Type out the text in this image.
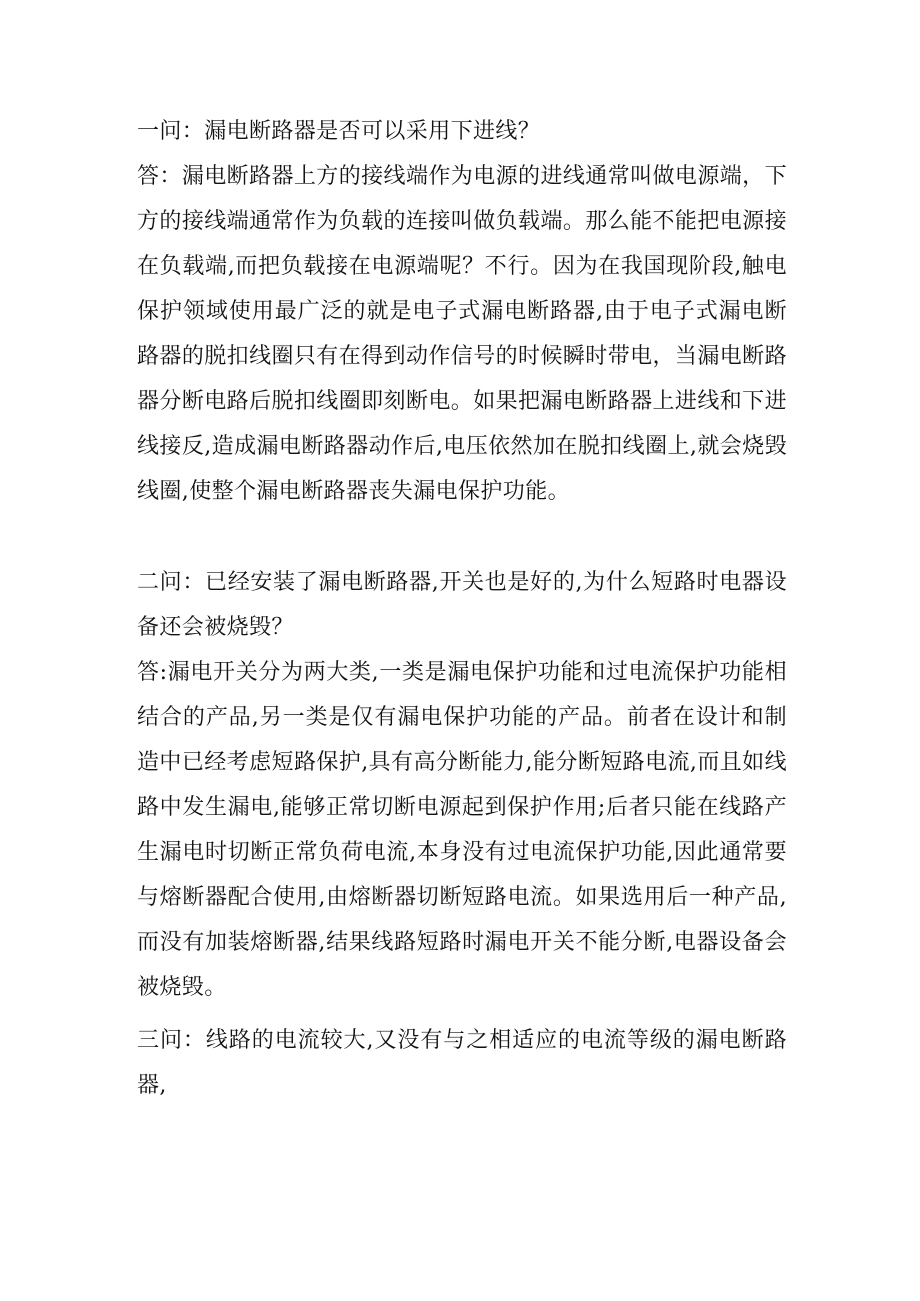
一问：漏电断路器是否可以采用下进线？

答：漏电断路器上方的接线端作为电源的进线通常叫做电源端，下方的接线端通常作为负载的连接叫做负载端。那么能不能把电源接在负载端,而把负载接在电源端呢？不行。因为在我国现阶段,触电保护领域使用最广泛的就是电子式漏电断路器,由于电子式漏电断路器的脱扣线圈只有在得到动作信号的时候瞬时带电，当漏电断路器分断电路后脱扣线圈即刻断电。如果把漏电断路器上进线和下进线接反,造成漏电断路器动作后,电压依然加在脱扣线圈上,就会烧毁线圈,使整个漏电断路器丧失漏电保护功能。

二问：已经安装了漏电断路器,开关也是好的,为什么短路时电器设备还会被烧毁？

答:漏电开关分为两大类,一类是漏电保护功能和过电流保护功能相结合的产品,另一类是仅有漏电保护功能的产品。前者在设计和制造中已经考虑短路保护,具有高分断能力,能分断短路电流,而且如线路中发生漏电,能够正常切断电源起到保护作用;后者只能在线路产生漏电时切断正常负荷电流,本身没有过电流保护功能,因此通常要与熔断器配合使用,由熔断器切断短路电流。如果选用后一种产品,而没有加装熔断器,结果线路短路时漏电开关不能分断,电器设备会被烧毁。

三问：线路的电流较大,又没有与之相适应的电流等级的漏电断路器,
